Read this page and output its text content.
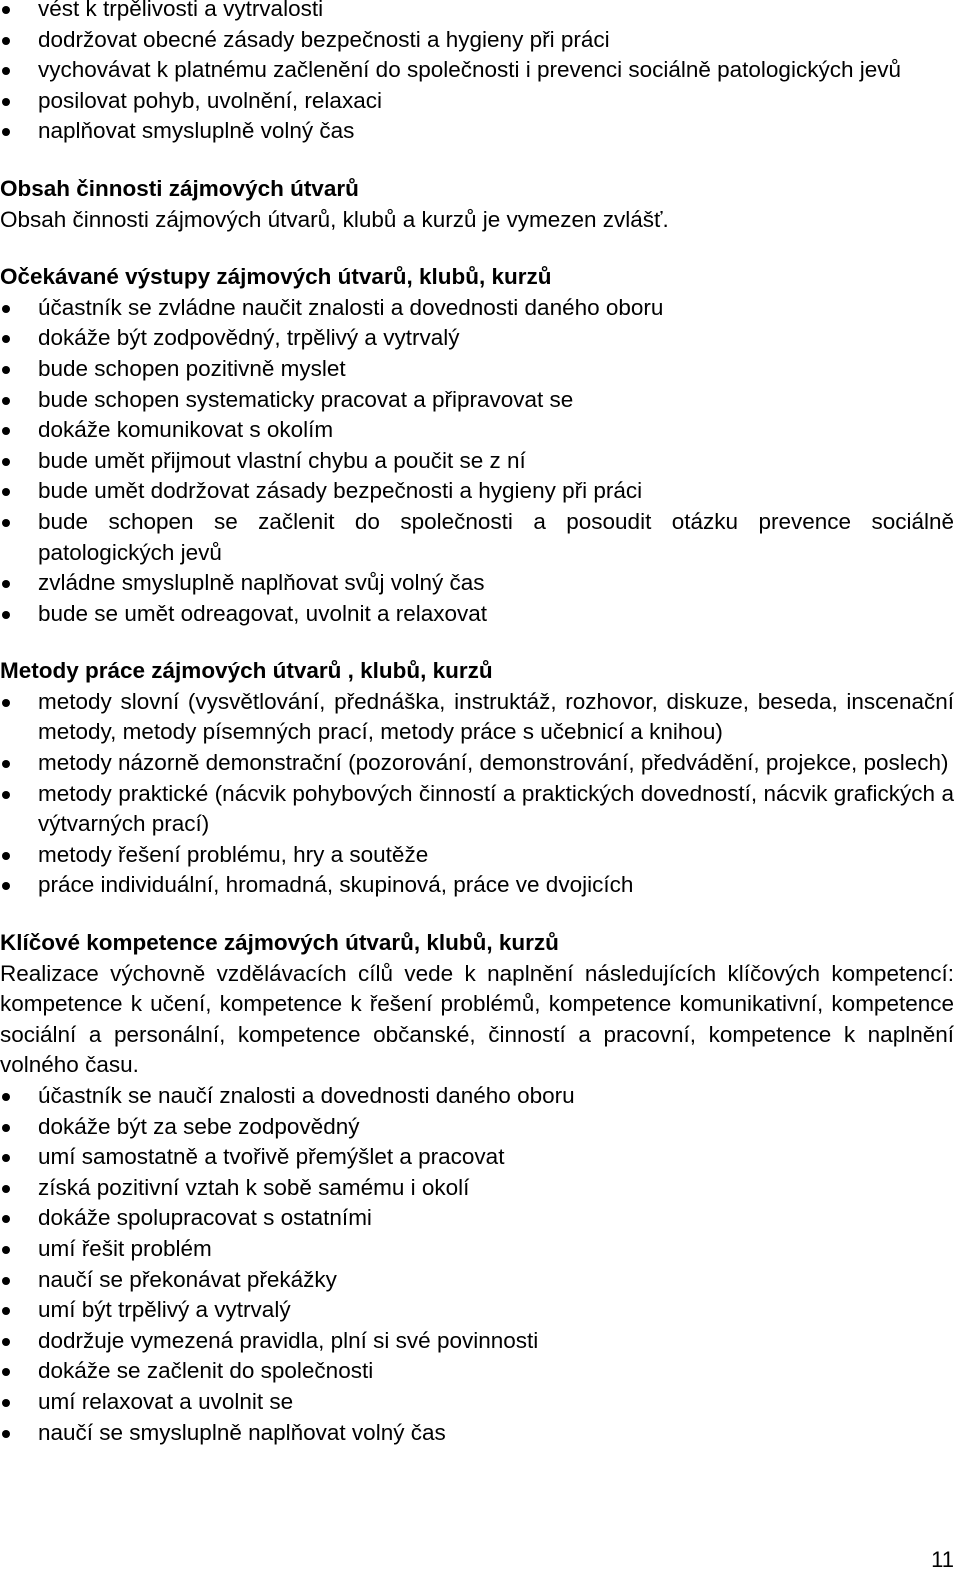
vést k trpělivosti a vytrvalosti
dodržovat obecné zásady bezpečnosti a hygieny při práci
vychovávat k platnému začlenění do společnosti i prevenci sociálně patologických jevů
posilovat pohyb, uvolnění, relaxaci
naplňovat smysluplně volný čas
Obsah činnosti zájmových útvarů

Obsah činnosti zájmových útvarů, klubů a kurzů je vymezen zvlášť.

Očekávané výstupy zájmových útvarů, klubů, kurzů
účastník se zvládne naučit znalosti a dovednosti daného oboru
dokáže být zodpovědný, trpělivý a vytrvalý
bude schopen pozitivně myslet
bude schopen systematicky pracovat a připravovat se
dokáže komunikovat s okolím
bude umět přijmout vlastní chybu a poučit se z ní
bude umět dodržovat zásady bezpečnosti a hygieny při práci
bude schopen se začlenit do společnosti a posoudit otázku prevence sociálně patologických jevů
zvládne smysluplně naplňovat svůj volný čas
bude se umět odreagovat, uvolnit a relaxovat
Metody práce zájmových útvarů , klubů, kurzů
metody slovní (vysvětlování, přednáška, instruktáž, rozhovor, diskuze, beseda, inscenační metody, metody písemných prací, metody práce s učebnicí a knihou)
metody názorně demonstrační (pozorování, demonstrování, předvádění, projekce, poslech)
metody praktické (nácvik pohybových činností a praktických dovedností, nácvik grafických a výtvarných prací)
metody řešení problému, hry a soutěže
práce individuální, hromadná, skupinová, práce ve dvojicích
Klíčové kompetence zájmových útvarů, klubů, kurzů

Realizace výchovně vzdělávacích cílů vede k naplnění následujících klíčových kompetencí: kompetence k učení, kompetence k řešení problémů, kompetence komunikativní, kompetence sociální a personální, kompetence občanské, činností a pracovní, kompetence k naplnění volného času.

účastník se naučí znalosti a dovednosti daného oboru
dokáže být za sebe zodpovědný
umí samostatně a tvořivě přemýšlet a pracovat
získá pozitivní vztah k sobě samému i okolí
dokáže spolupracovat s ostatními
umí řešit problém
naučí se překonávat překážky
umí být trpělivý a vytrvalý
dodržuje vymezená pravidla, plní si své povinnosti
dokáže se začlenit do společnosti
umí relaxovat a uvolnit se
naučí se smysluplně naplňovat volný čas
11
